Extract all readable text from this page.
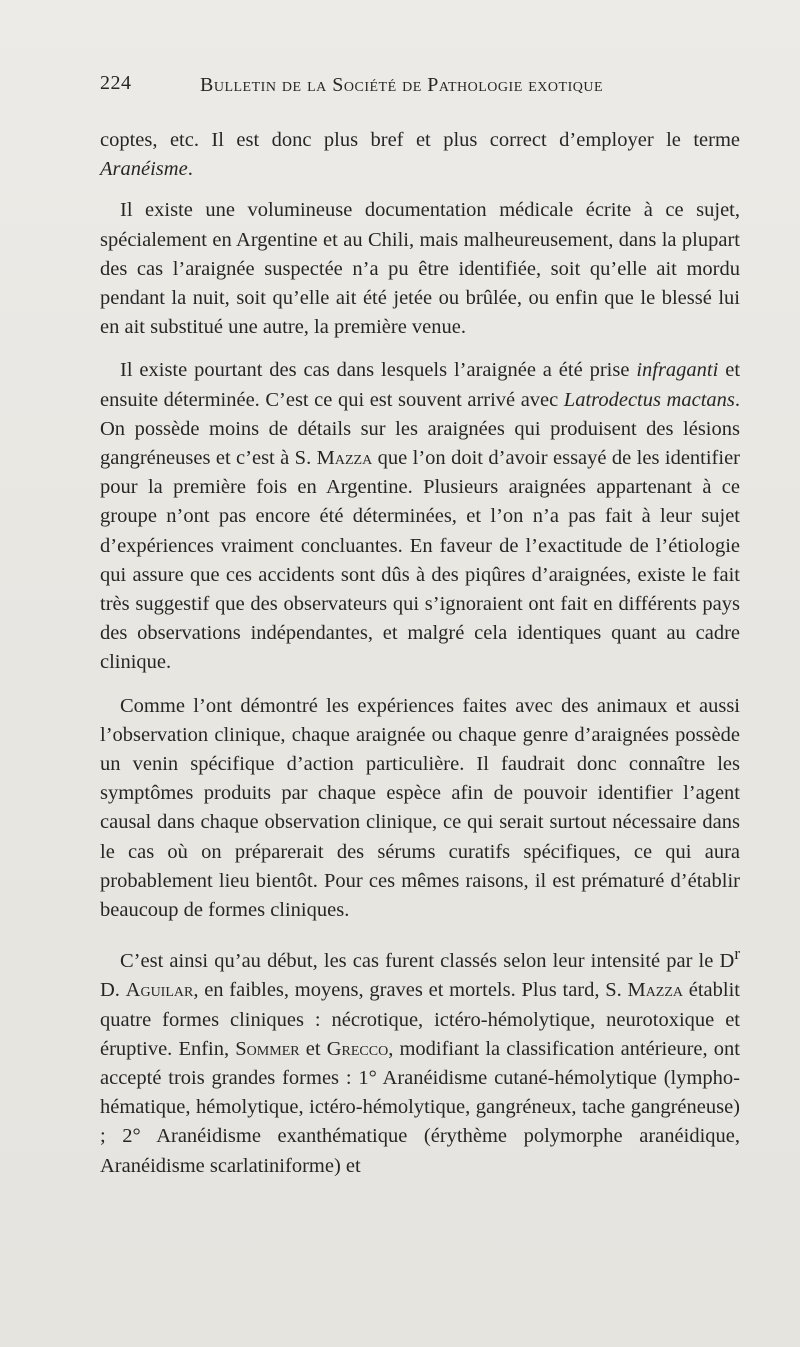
224	Bulletin de la Société de Pathologie exotique

coptes, etc. Il est donc plus bref et plus correct d’employer le terme Aranéisme.

Il existe une volumineuse documentation médicale écrite à ce sujet, spécialement en Argentine et au Chili, mais malheureusement, dans la plupart des cas l’araignée suspectée n’a pu être identifiée, soit qu’elle ait mordu pendant la nuit, soit qu’elle ait été jetée ou brûlée, ou enfin que le blessé lui en ait substitué une autre, la première venue.

Il existe pourtant des cas dans lesquels l’araignée a été prise infraganti et ensuite déterminée. C’est ce qui est souvent arrivé avec Latrodectus mactans. On possède moins de détails sur les araignées qui produisent des lésions gangréneuses et c’est à S. Mazza que l’on doit d’avoir essayé de les identifier pour la première fois en Argentine. Plusieurs araignées appartenant à ce groupe n’ont pas encore été déterminées, et l’on n’a pas fait à leur sujet d’expériences vraiment concluantes. En faveur de l’exactitude de l’étiologie qui assure que ces accidents sont dûs à des piqûres d’araignées, existe le fait très suggestif que des observateurs qui s’ignoraient ont fait en différents pays des observations indépendantes, et malgré cela identiques quant au cadre clinique.

Comme l’ont démontré les expériences faites avec des animaux et aussi l’observation clinique, chaque araignée ou chaque genre d’araignées possède un venin spécifique d’action particulière. Il faudrait donc connaître les symptômes produits par chaque espèce afin de pouvoir identifier l’agent causal dans chaque observation clinique, ce qui serait surtout nécessaire dans le cas où on préparerait des sérums curatifs spécifiques, ce qui aura probablement lieu bientôt. Pour ces mêmes raisons, il est prématuré d’établir beaucoup de formes cliniques.

C’est ainsi qu’au début, les cas furent classés selon leur intensité par le $D^r$ D. Aguilar, en faibles, moyens, graves et mortels. Plus tard, S. Mazza établit quatre formes cliniques : nécrotique, ictéro-hémolytique, neurotoxique et éruptive. Enfin, Sommer et Grecco, modifiant la classification antérieure, ont accepté trois grandes formes : 1° Aranéidisme cutané-hémolytique (lympho-hématique, hémolytique, ictéro-hémolytique, gangréneux, tache gangréneuse) ; 2° Aranéidisme exanthématique (érythème polymorphe aranéidique, Aranéidisme scarlatiniforme) et
